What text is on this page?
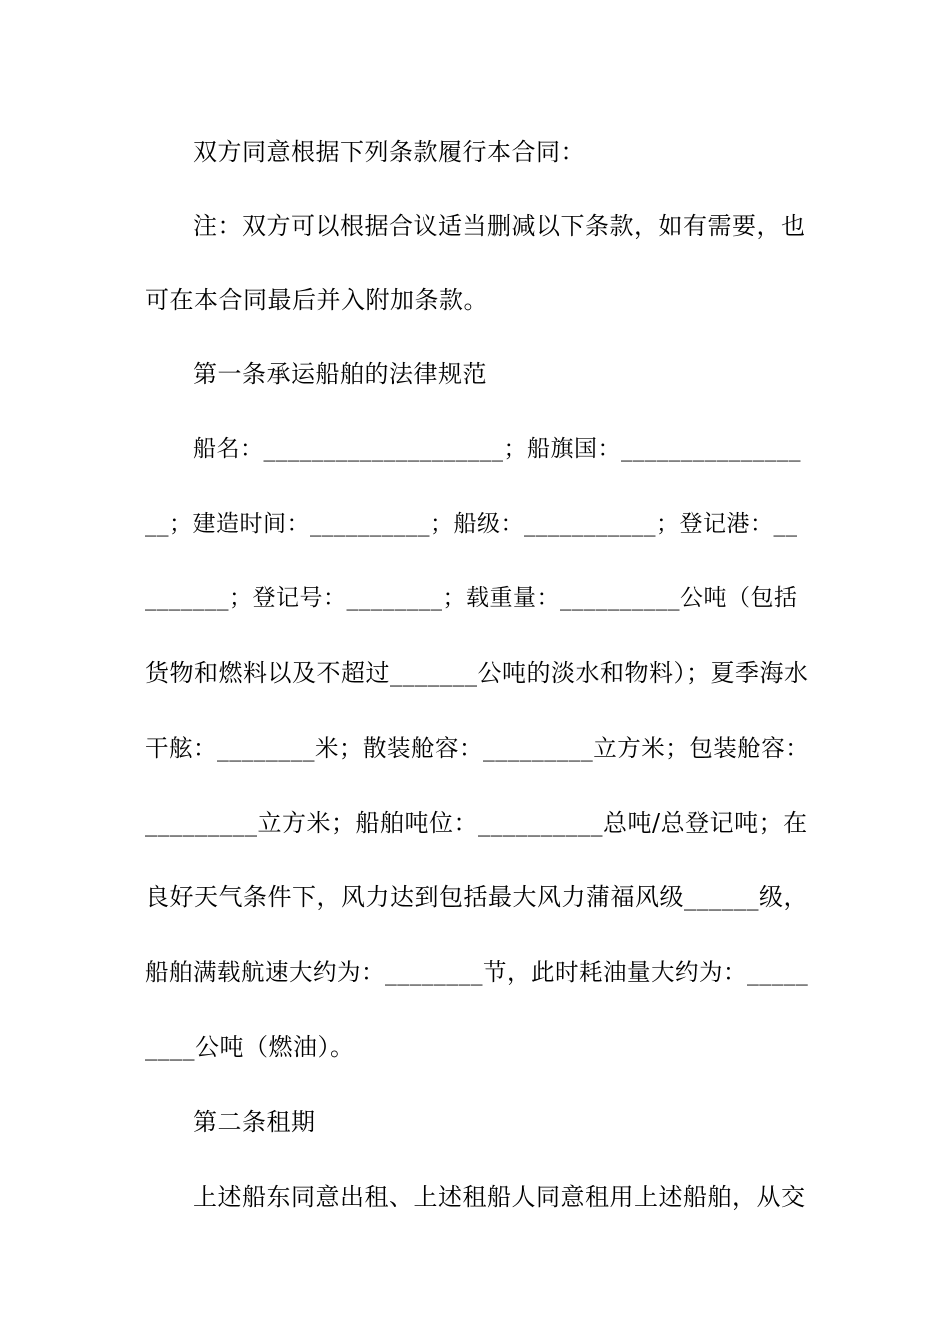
双方同意根据下列条款履行本合同：
注：双方可以根据合议适当删减以下条款，如有需要，也
可在本合同最后并入附加条款。
第一条承运船舶的法律规范
船名：____________________；船旗国：_______________
__；建造时间：__________；船级：___________；登记港：__
_______；登记号：________；载重量：__________公吨（包括
货物和燃料以及不超过_______公吨的淡水和物料）；夏季海水
干舷：________米；散装舱容：_________立方米；包装舱容：
_________立方米；船舶吨位：__________总吨/总登记吨；在
良好天气条件下，风力达到包括最大风力蒲福风级______级，
船舶满载航速大约为：________节，此时耗油量大约为：_____
____公吨（燃油）。
第二条租期
上述船东同意出租、上述租船人同意租用上述船舶，从交
